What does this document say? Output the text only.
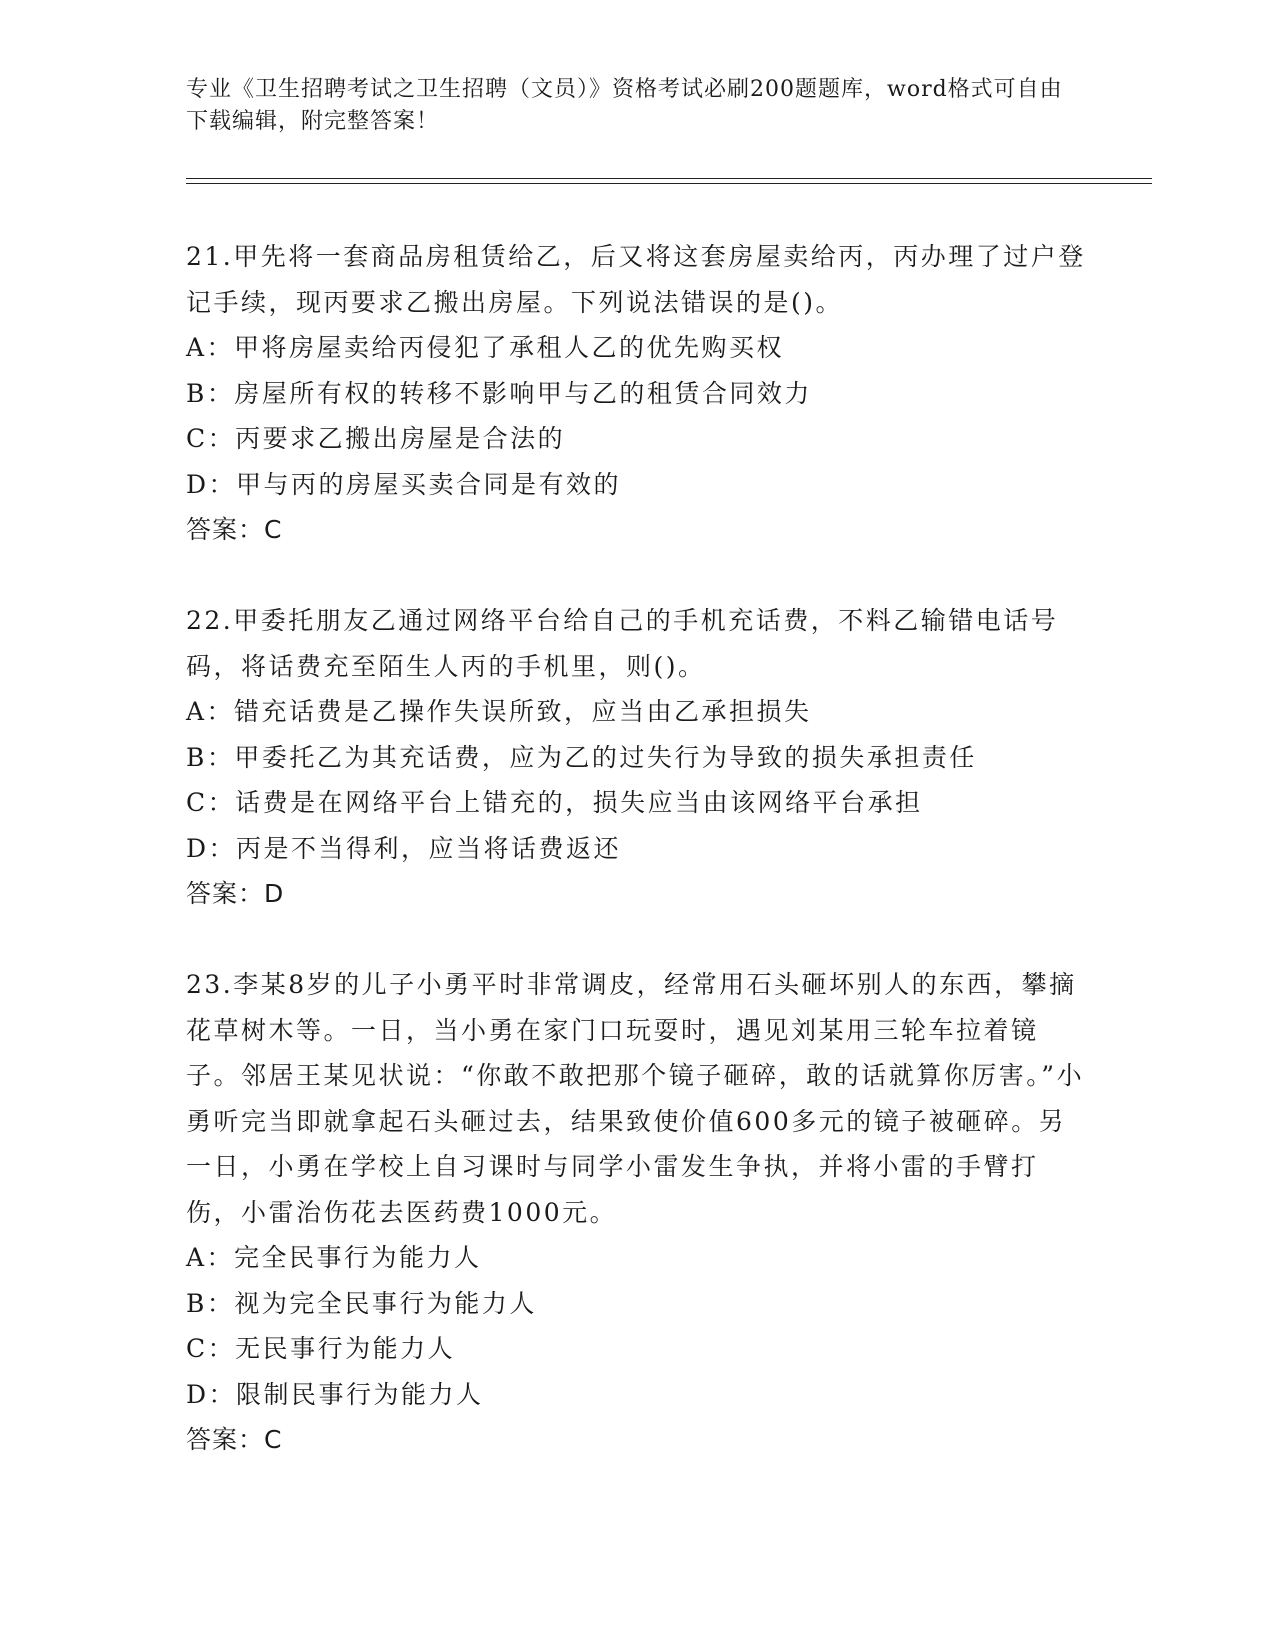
专业《卫生招聘考试之卫生招聘（文员）》资格考试必刷200题题库，word格式可自由下载编辑，附完整答案！

21.甲先将一套商品房租赁给乙，后又将这套房屋卖给丙，丙办理了过户登记手续，现丙要求乙搬出房屋。下列说法错误的是()。

A：甲将房屋卖给丙侵犯了承租人乙的优先购买权

B：房屋所有权的转移不影响甲与乙的租赁合同效力

C：丙要求乙搬出房屋是合法的

D：甲与丙的房屋买卖合同是有效的

答案：C

22.甲委托朋友乙通过网络平台给自己的手机充话费，不料乙输错电话号码，将话费充至陌生人丙的手机里，则()。

A：错充话费是乙操作失误所致，应当由乙承担损失

B：甲委托乙为其充话费，应为乙的过失行为导致的损失承担责任

C：话费是在网络平台上错充的，损失应当由该网络平台承担

D：丙是不当得利，应当将话费返还

答案：D

23.李某8岁的儿子小勇平时非常调皮，经常用石头砸坏别人的东西，攀摘花草树木等。一日，当小勇在家门口玩耍时，遇见刘某用三轮车拉着镜子。邻居王某见状说：“你敢不敢把那个镜子砸碎，敢的话就算你厉害。”小勇听完当即就拿起石头砸过去，结果致使价值600多元的镜子被砸碎。另一日，小勇在学校上自习课时与同学小雷发生争执，并将小雷的手臂打伤，小雷治伤花去医药费1000元。

A：完全民事行为能力人

B：视为完全民事行为能力人

C：无民事行为能力人

D：限制民事行为能力人

答案：C
